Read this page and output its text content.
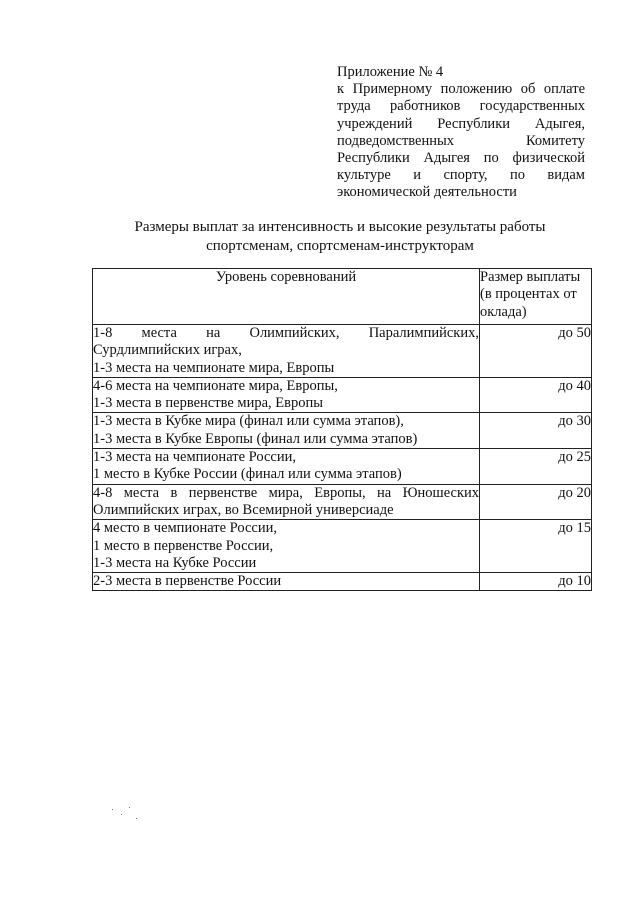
Приложение № 4
к Примерному положению об оплате труда работников государственных учреждений Республики Адыгея, подведомственных Комитету Республики Адыгея по физической культуре и спорту, по видам экономической деятельности
Размеры выплат за интенсивность и высокие результаты работы
спортсменам, спортсменам-инструкторам
Уровень соревнований	Размер выплаты (в процентах от оклада)

1-8 места на Олимпийских, Паралимпийских,
Сурдлимпийских играх,
1-3 места на чемпионате мира, Европы	до 50

4-6 места на чемпионате мира, Европы,
1-3 места в первенстве мира, Европы	до 40

1-3 места в Кубке мира (финал или сумма этапов),
1-3 места в Кубке Европы (финал или сумма этапов)	до 30

1-3 места на чемпионате России,
1 место в Кубке России (финал или сумма этапов)	до 25

4-8 места в первенстве мира, Европы, на Юношеских
Олимпийских играх, во Всемирной универсиаде	до 20

4 место в чемпионате России,
1 место в первенстве России,
1-3 места на Кубке России	до 15

2-3 места в первенстве России	до 10
